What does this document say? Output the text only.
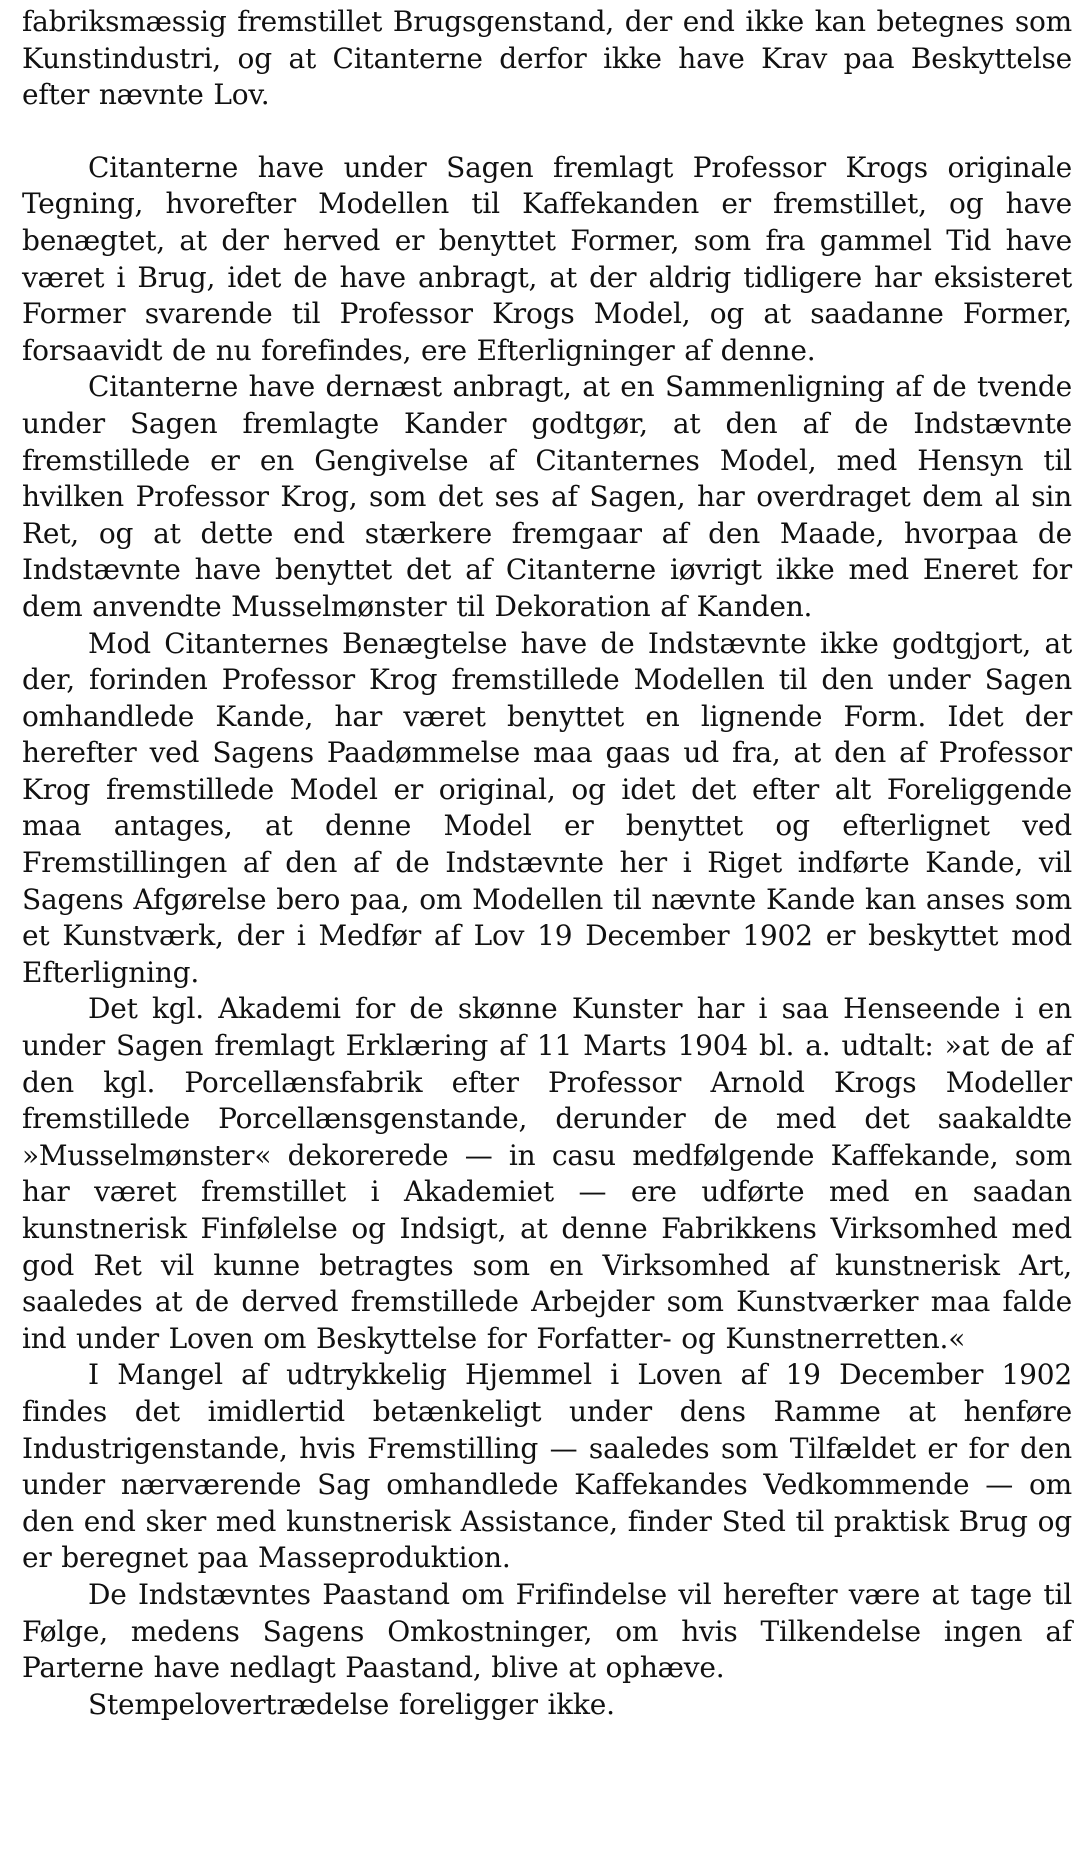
fabriksmæssig fremstillet Brugsgenstand, der end ikke kan betegnes som Kunstindustri, og at Citanterne derfor ikke have Krav paa Beskyttelse efter nævnte Lov.

Citanterne have under Sagen fremlagt Professor Krogs originale Tegning, hvorefter Modellen til Kaffekanden er fremstillet, og have benægtet, at der herved er benyttet Former, som fra gammel Tid have været i Brug, idet de have anbragt, at der aldrig tidligere har eksisteret Former svarende til Professor Krogs Model, og at saadanne Former, forsaavidt de nu forefindes, ere Efterligninger af denne.

Citanterne have dernæst anbragt, at en Sammenligning af de tvende under Sagen fremlagte Kander godtgør, at den af de Indstævnte fremstillede er en Gengivelse af Citanternes Model, med Hensyn til hvilken Professor Krog, som det ses af Sagen, har overdraget dem al sin Ret, og at dette end stærkere fremgaar af den Maade, hvorpaa de Indstævnte have benyttet det af Citanterne iøvrigt ikke med Eneret for dem anvendte Musselmønster til Dekoration af Kanden.

Mod Citanternes Benægtelse have de Indstævnte ikke godtgjort, at der, forinden Professor Krog fremstillede Modellen til den under Sagen omhandlede Kande, har været benyttet en lignende Form. Idet der herefter ved Sagens Paadømmelse maa gaas ud fra, at den af Professor Krog fremstillede Model er original, og idet det efter alt Foreliggende maa antages, at denne Model er benyttet og efterlignet ved Fremstillingen af den af de Indstævnte her i Riget indførte Kande, vil Sagens Afgørelse bero paa, om Modellen til nævnte Kande kan anses som et Kunstværk, der i Medfør af Lov 19 December 1902 er beskyttet mod Efterligning.

Det kgl. Akademi for de skønne Kunster har i saa Henseende i en under Sagen fremlagt Erklæring af 11 Marts 1904 bl. a. udtalt: »at de af den kgl. Porcellænsfabrik efter Professor Arnold Krogs Modeller fremstillede Porcellænsgenstande, derunder de med det saakaldte »Musselmønster« dekorerede — in casu medfølgende Kaffekande, som har været fremstillet i Akademiet — ere udførte med en saadan kunstnerisk Finfølelse og Indsigt, at denne Fabrikkens Virksomhed med god Ret vil kunne betragtes som en Virksomhed af kunstnerisk Art, saaledes at de derved fremstillede Arbejder som Kunstværker maa falde ind under Loven om Beskyttelse for Forfatter- og Kunstnerretten.«

I Mangel af udtrykkelig Hjemmel i Loven af 19 December 1902 findes det imidlertid betænkeligt under dens Ramme at henføre Industrigenstande, hvis Fremstilling — saaledes som Tilfældet er for den under nærværende Sag omhandlede Kaffekandes Vedkommende — om den end sker med kunstnerisk Assistance, finder Sted til praktisk Brug og er beregnet paa Masseproduktion.

De Indstævntes Paastand om Frifindelse vil herefter være at tage til Følge, medens Sagens Omkostninger, om hvis Tilkendelse ingen af Parterne have nedlagt Paastand, blive at ophæve.

Stempelovertrædelse foreligger ikke.
